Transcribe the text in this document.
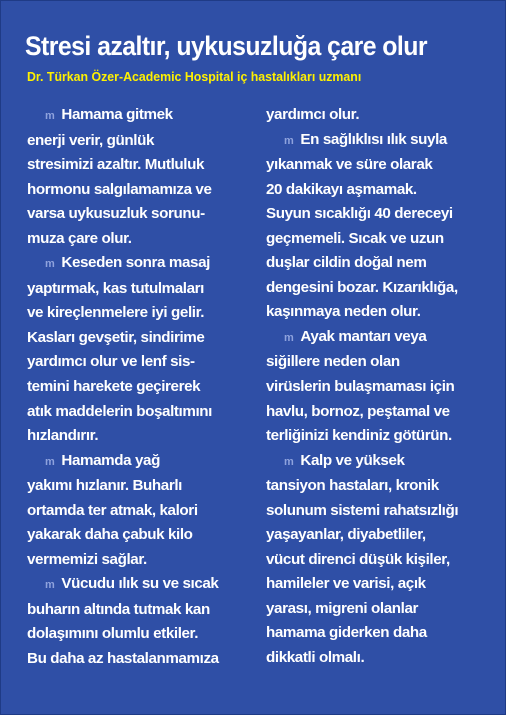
Stresi azaltır, uykusuzluğa çare olur
Dr. Türkan Özer-Academic Hospital iç hastalıkları uzmanı
m Hamama gitmek
enerji verir, günlük
stresimizi azaltır. Mutluluk
hormonu salgılamamıza ve
varsa uykusuzluk sorunu-
muza çare olur.
m Keseden sonra masaj
yaptırmak, kas tutulmaları
ve kireçlenmelere iyi gelir.
Kasları gevşetir, sindirime
yardımcı olur ve lenf sis-
temini harekete geçirerek
atık maddelerin boşaltımını
hızlandırır.
m Hamamda yağ
yakımı hızlanır. Buharlı
ortamda ter atmak, kalori
yakarak daha çabuk kilo
vermemizi sağlar.
m Vücudu ılık su ve sıcak
buharın altında tutmak kan
dolaşımını olumlu etkiler.
Bu daha az hastalanmamıza
yardımcı olur.
m En sağlıklısı ılık suyla
yıkanmak ve süre olarak
20 dakikayı aşmamak.
Suyun sıcaklığı 40 dereceyi
geçmemeli. Sıcak ve uzun
duşlar cildin doğal nem
dengesini bozar. Kızarıklığa,
kaşınmaya neden olur.
m Ayak mantarı veya
siğillere neden olan
virüslerin bulaşmaması için
havlu, bornoz, peştamal ve
terliğinizi kendiniz götürün.
m Kalp ve yüksek
tansiyon hastaları, kronik
solunum sistemi rahatsızlığı
yaşayanlar, diyabetliler,
vücut direnci düşük kişiler,
hamileler ve varisi, açık
yarası, migreni olanlar
hamama giderken daha
dikkatli olmalı.
